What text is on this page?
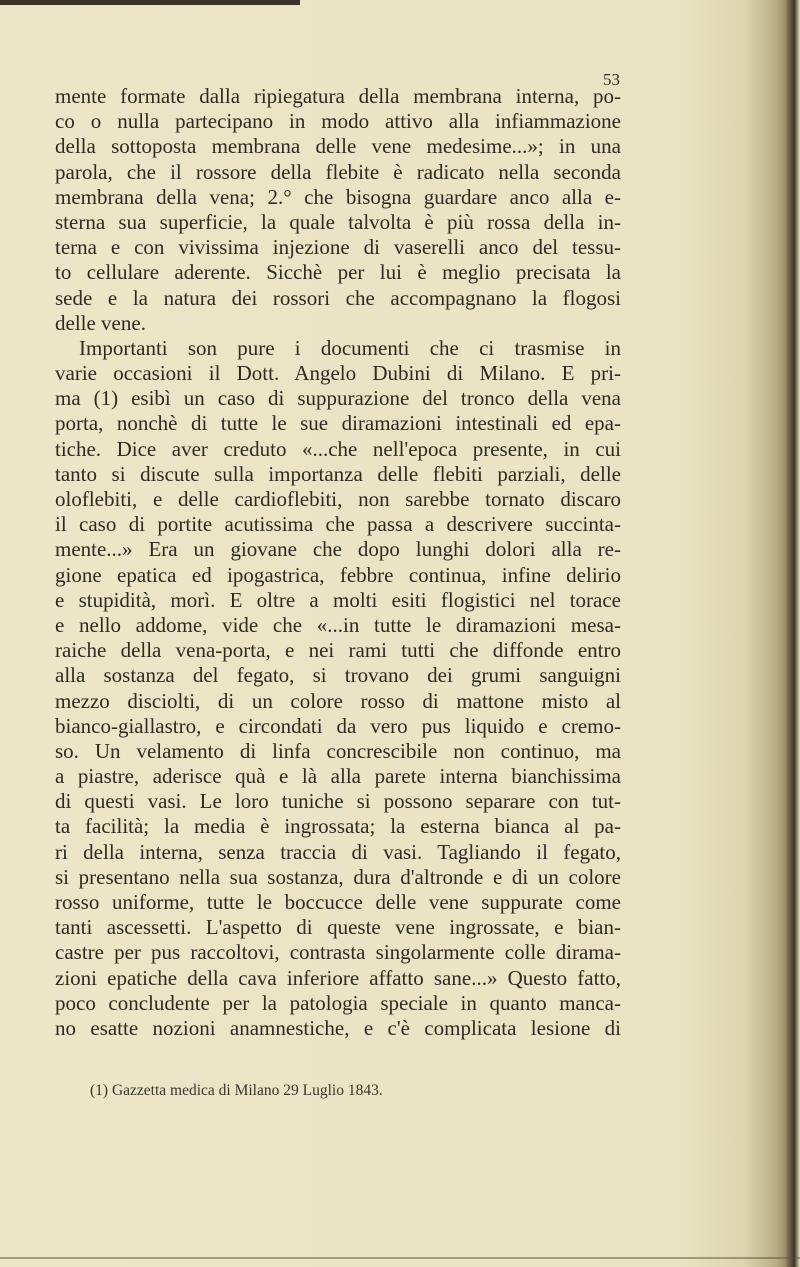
53
mente formate dalla ripiegatura della membrana interna, po-
co o nulla partecipano in modo attivo alla infiammazione
della sottoposta membrana delle vene medesime...»; in una
parola, che il rossore della flebite è radicato nella seconda
membrana della vena; 2.° che bisogna guardare anco alla e-
sterna sua superficie, la quale talvolta è più rossa della in-
terna e con vivissima injezione di vaserelli anco del tessu-
to cellulare aderente. Sicchè per lui è meglio precisata la
sede e la natura dei rossori che accompagnano la flogosi
delle vene.
Importanti son pure i documenti che ci trasmise in
varie occasioni il Dott. Angelo Dubini di Milano. E pri-
ma (1) esibì un caso di suppurazione del tronco della vena
porta, nonchè di tutte le sue diramazioni intestinali ed epa-
tiche. Dice aver creduto «...che nell'epoca presente, in cui
tanto si discute sulla importanza delle flebiti parziali, delle
oloflebiti, e delle cardioflebiti, non sarebbe tornato discaro
il caso di portite acutissima che passa a descrivere succinta-
mente...» Era un giovane che dopo lunghi dolori alla re-
gione epatica ed ipogastrica, febbre continua, infine delirio
e stupidità, morì. E oltre a molti esiti flogistici nel torace
e nello addome, vide che «...in tutte le diramazioni mesa-
raiche della vena-porta, e nei rami tutti che diffonde entro
alla sostanza del fegato, si trovano dei grumi sanguigni
mezzo disciolti, di un colore rosso di mattone misto al
bianco-giallastro, e circondati da vero pus liquido e cremo-
so. Un velamento di linfa concrescibile non continuo, ma
a piastre, aderisce quà e là alla parete interna bianchissima
di questi vasi. Le loro tuniche si possono separare con tut-
ta facilità; la media è ingrossata; la esterna bianca al pa-
ri della interna, senza traccia di vasi. Tagliando il fegato,
si presentano nella sua sostanza, dura d'altronde e di un colore
rosso uniforme, tutte le boccucce delle vene suppurate come
tanti ascessetti. L'aspetto di queste vene ingrossate, e bian-
castre per pus raccoltovi, contrasta singolarmente colle dirama-
zioni epatiche della cava inferiore affatto sane...» Questo fatto,
poco concludente per la patologia speciale in quanto manca-
no esatte nozioni anamnestiche, e c'è complicata lesione di
(1) Gazzetta medica di Milano 29 Luglio 1843.
